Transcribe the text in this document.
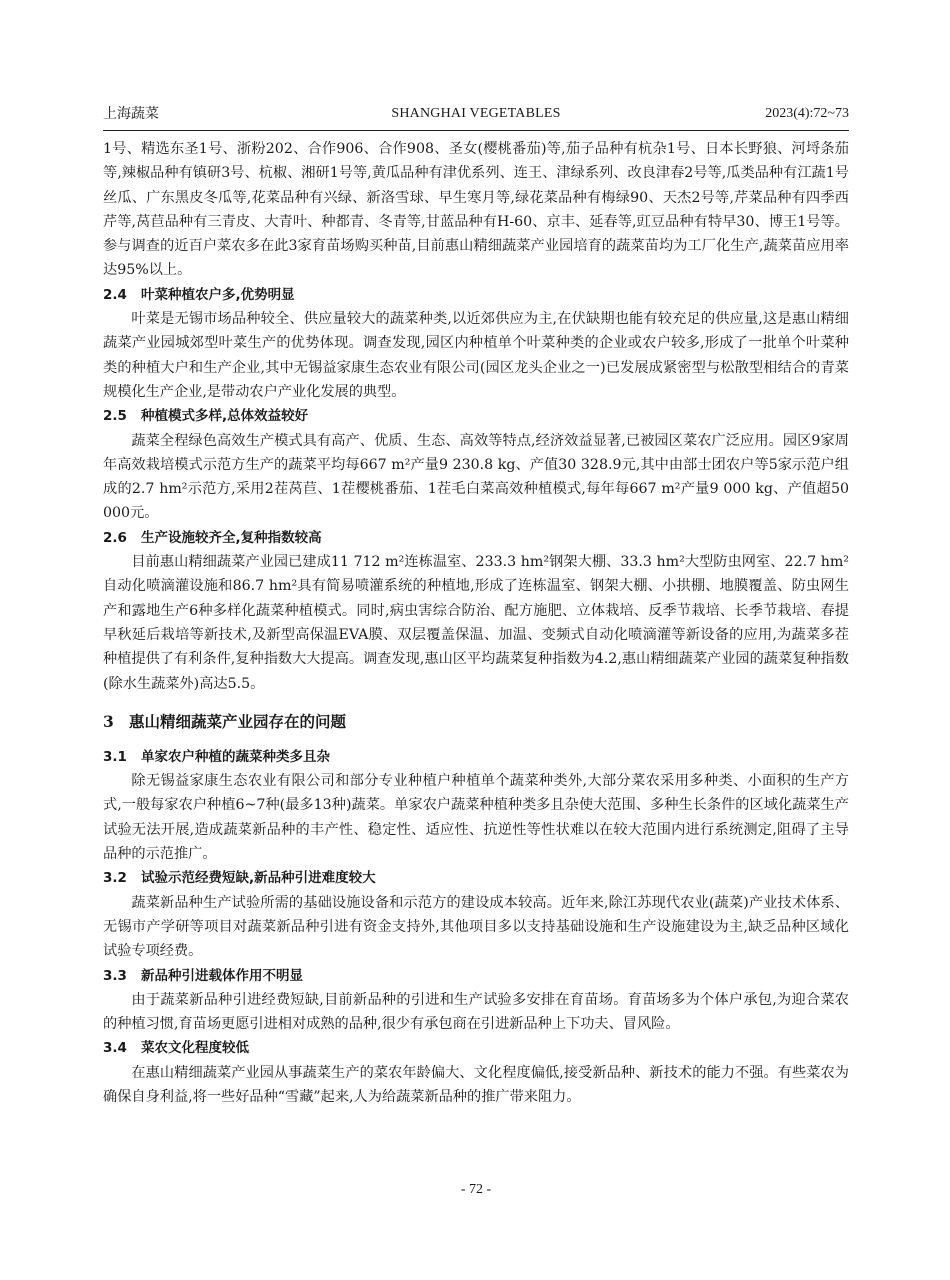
上海蔬菜	SHANGHAI VEGETABLES	2023(4):72~73

1号、精选东圣1号、浙粉202、合作906、合作908、圣女(樱桃番茄)等,茄子品种有杭杂1号、日本长野狼、河埒条茄等,辣椒品种有镇研3号、杭椒、湘研1号等,黄瓜品种有津优系列、连王、津绿系列、改良津春2号等,瓜类品种有江蔬1号丝瓜、广东黑皮冬瓜等,花菜品种有兴绿、新洛雪球、早生寒月等,绿花菜品种有梅绿90、天杰2号等,芹菜品种有四季西芹等,莴苣品种有三青皮、大青叶、种都青、冬青等,甘蓝品种有H-60、京丰、延春等,豇豆品种有特早30、博王1号等。参与调查的近百户菜农多在此3家育苗场购买种苗,目前惠山精细蔬菜产业园培育的蔬菜苗均为工厂化生产,蔬菜苗应用率达95%以上。

2.4 叶菜种植农户多,优势明显

叶菜是无锡市场品种较全、供应量较大的蔬菜种类,以近郊供应为主,在伏缺期也能有较充足的供应量,这是惠山精细蔬菜产业园城郊型叶菜生产的优势体现。调查发现,园区内种植单个叶菜种类的企业或农户较多,形成了一批单个叶菜种类的种植大户和生产企业,其中无锡益家康生态农业有限公司(园区龙头企业之一)已发展成紧密型与松散型相结合的青菜规模化生产企业,是带动农户产业化发展的典型。

2.5 种植模式多样,总体效益较好

蔬菜全程绿色高效生产模式具有高产、优质、生态、高效等特点,经济效益显著,已被园区菜农广泛应用。园区9家周年高效栽培模式示范方生产的蔬菜平均每667 m²产量9 230.8 kg、产值30 328.9元,其中由部士团农户等5家示范户组成的2.7 hm²示范方,采用2茬莴苣、1茬樱桃番茄、1茬毛白菜高效种植模式,每年每667 m²产量9 000 kg、产值超50 000元。

2.6 生产设施较齐全,复种指数较高

目前惠山精细蔬菜产业园已建成11 712 m²连栋温室、233.3 hm²钢架大棚、33.3 hm²大型防虫网室、22.7 hm²自动化喷滴灌设施和86.7 hm²具有简易喷灌系统的种植地,形成了连栋温室、钢架大棚、小拱棚、地膜覆盖、防虫网生产和露地生产6种多样化蔬菜种植模式。同时,病虫害综合防治、配方施肥、立体栽培、反季节栽培、长季节栽培、春提早秋延后栽培等新技术,及新型高保温EVA膜、双层覆盖保温、加温、变频式自动化喷滴灌等新设备的应用,为蔬菜多茬种植提供了有利条件,复种指数大大提高。调查发现,惠山区平均蔬菜复种指数为4.2,惠山精细蔬菜产业园的蔬菜复种指数(除水生蔬菜外)高达5.5。

3 惠山精细蔬菜产业园存在的问题
3.1 单家农户种植的蔬菜种类多且杂

除无锡益家康生态农业有限公司和部分专业种植户种植单个蔬菜种类外,大部分菜农采用多种类、小面积的生产方式,一般每家农户种植6~7种(最多13种)蔬菜。单家农户蔬菜种植种类多且杂使大范围、多种生长条件的区域化蔬菜生产试验无法开展,造成蔬菜新品种的丰产性、稳定性、适应性、抗逆性等性状难以在较大范围内进行系统测定,阻碍了主导品种的示范推广。

3.2 试验示范经费短缺,新品种引进难度较大

蔬菜新品种生产试验所需的基础设施设备和示范方的建设成本较高。近年来,除江苏现代农业(蔬菜)产业技术体系、无锡市产学研等项目对蔬菜新品种引进有资金支持外,其他项目多以支持基础设施和生产设施建设为主,缺乏品种区域化试验专项经费。

3.3 新品种引进载体作用不明显

由于蔬菜新品种引进经费短缺,目前新品种的引进和生产试验多安排在育苗场。育苗场多为个体户承包,为迎合菜农的种植习惯,育苗场更愿引进相对成熟的品种,很少有承包商在引进新品种上下功夫、冒风险。

3.4 菜农文化程度较低

在惠山精细蔬菜产业园从事蔬菜生产的菜农年龄偏大、文化程度偏低,接受新品种、新技术的能力不强。有些菜农为确保自身利益,将一些好品种“雪藏”起来,人为给蔬菜新品种的推广带来阻力。

- 72 -
